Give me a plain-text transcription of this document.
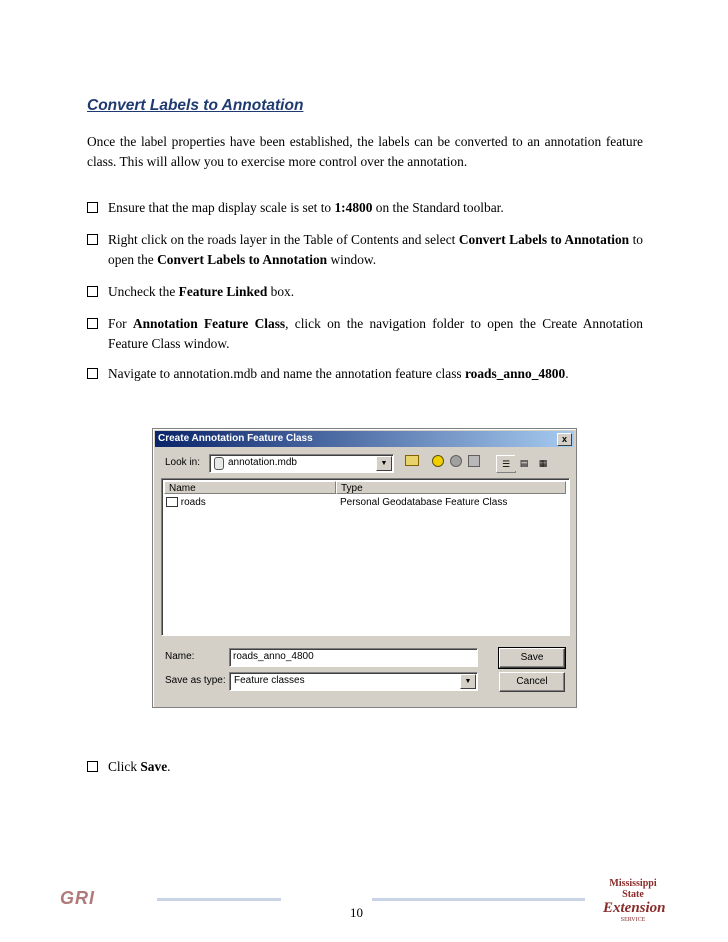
Convert Labels to Annotation
Once the label properties have been established, the labels can be converted to an annotation feature class. This will allow you to exercise more control over the annotation.
Ensure that the map display scale is set to 1:4800 on the Standard toolbar.
Right click on the roads layer in the Table of Contents and select Convert Labels to Annotation to open the Convert Labels to Annotation window.
Uncheck the Feature Linked box.
For Annotation Feature Class, click on the navigation folder to open the Create Annotation Feature Class window.
Navigate to annotation.mdb and name the annotation feature class roads_anno_4800.
Create Annotation Feature Class	x
Look in:	annotation.mdb	▼	☰	▤	▦
Name	Type
roads	Personal Geodatabase Feature Class
Name:	roads_anno_4800	Save
Save as type: Feature classes	▼	Cancel
Click Save.
GRI
10
Mississippi State
Extension
SERVICE
